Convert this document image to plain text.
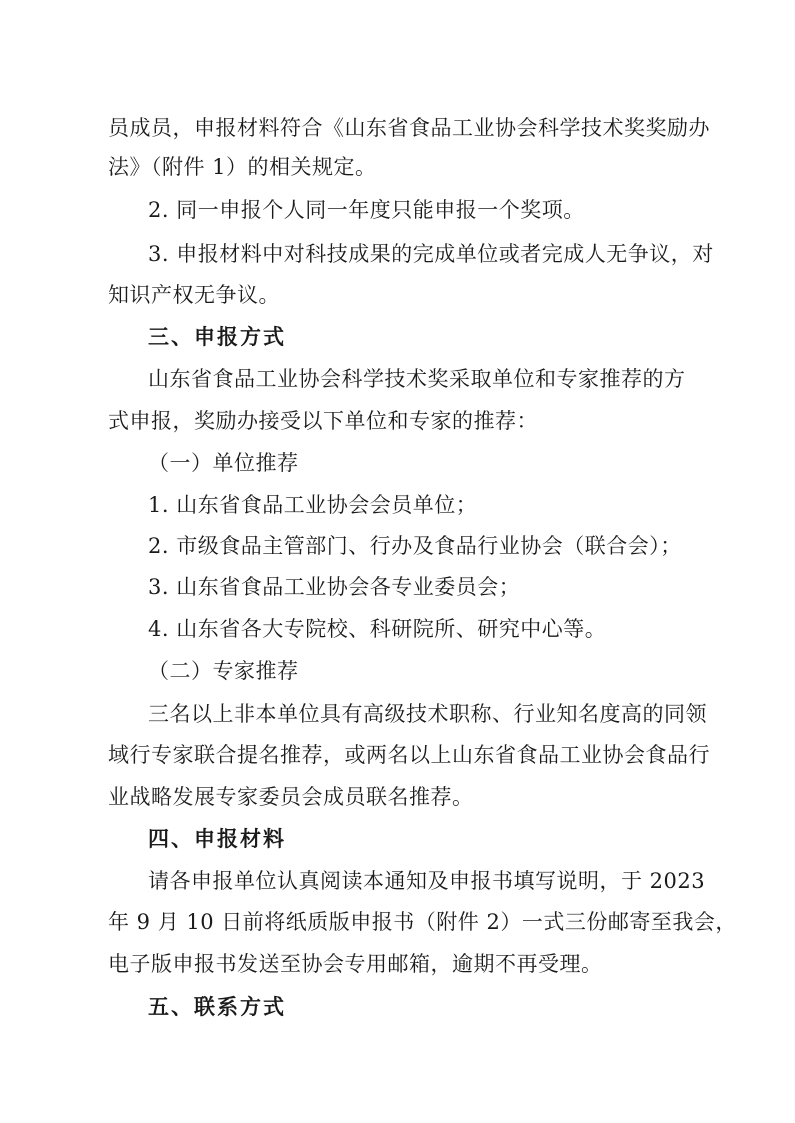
员成员，申报材料符合《山东省食品工业协会科学技术奖奖励办
法》（附件 1）的相关规定。
2. 同一申报个人同一年度只能申报一个奖项。
3. 申报材料中对科技成果的完成单位或者完成人无争议，对
知识产权无争议。
三、申报方式
山东省食品工业协会科学技术奖采取单位和专家推荐的方
式申报，奖励办接受以下单位和专家的推荐：
（一）单位推荐
1. 山东省食品工业协会会员单位；
2. 市级食品主管部门、行办及食品行业协会（联合会）；
3. 山东省食品工业协会各专业委员会；
4. 山东省各大专院校、科研院所、研究中心等。
（二）专家推荐
三名以上非本单位具有高级技术职称、行业知名度高的同领
域行专家联合提名推荐，或两名以上山东省食品工业协会食品行
业战略发展专家委员会成员联名推荐。
四、申报材料
请各申报单位认真阅读本通知及申报书填写说明，于 2023
年 9 月 10 日前将纸质版申报书（附件 2）一式三份邮寄至我会，
电子版申报书发送至协会专用邮箱，逾期不再受理。
五、联系方式
